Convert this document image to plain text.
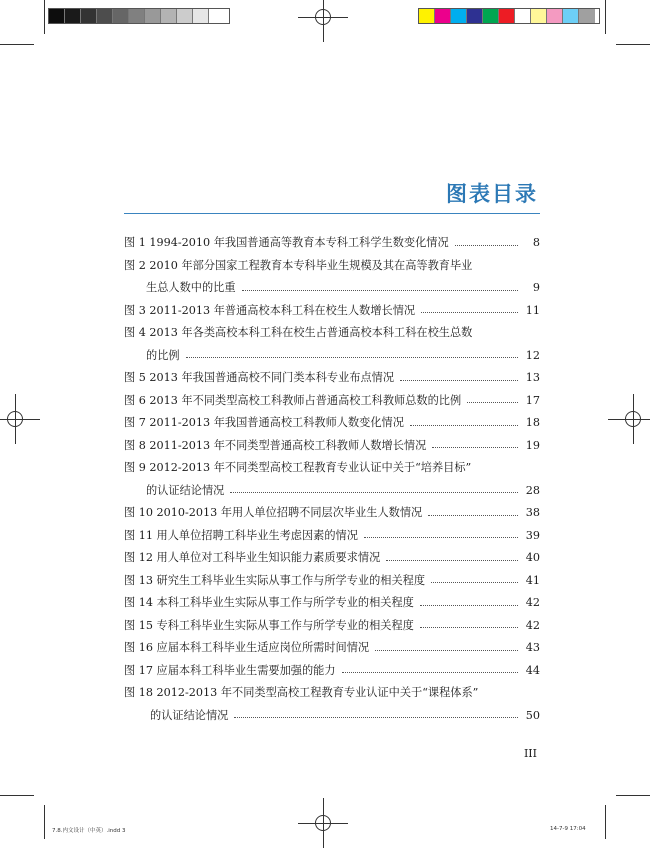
图表目录
图 1 1994-2010 年我国普通高等教育本专科工科学生数变化情况	8
图 2 2010 年部分国家工程教育本专科毕业生规模及其在高等教育毕业
生总人数中的比重	9
图 3 2011-2013 年普通高校本科工科在校生人数增长情况	11
图 4 2013 年各类高校本科工科在校生占普通高校本科工科在校生总数
的比例	12
图 5 2013 年我国普通高校不同门类本科专业布点情况	13
图 6 2013 年不同类型高校工科教师占普通高校工科教师总数的比例	17
图 7 2011-2013 年我国普通高校工科教师人数变化情况	18
图 8 2011-2013 年不同类型普通高校工科教师人数增长情况	19
图 9 2012-2013 年不同类型高校工程教育专业认证中关于“培养目标”
的认证结论情况	28
图 10 2010-2013 年用人单位招聘不同层次毕业生人数情况	38
图 11 用人单位招聘工科毕业生考虑因素的情况	39
图 12 用人单位对工科毕业生知识能力素质要求情况	40
图 13 研究生工科毕业生实际从事工作与所学专业的相关程度	41
图 14 本科工科毕业生实际从事工作与所学专业的相关程度	42
图 15 专科工科毕业生实际从事工作与所学专业的相关程度	42
图 16 应届本科工科毕业生适应岗位所需时间情况	43
图 17 应届本科工科毕业生需要加强的能力	44
图 18 2012-2013 年不同类型高校工程教育专业认证中关于“课程体系”
的认证结论情况	50
III
7.8.内文设计（中英）.indd 3	14-7-9 17:04
